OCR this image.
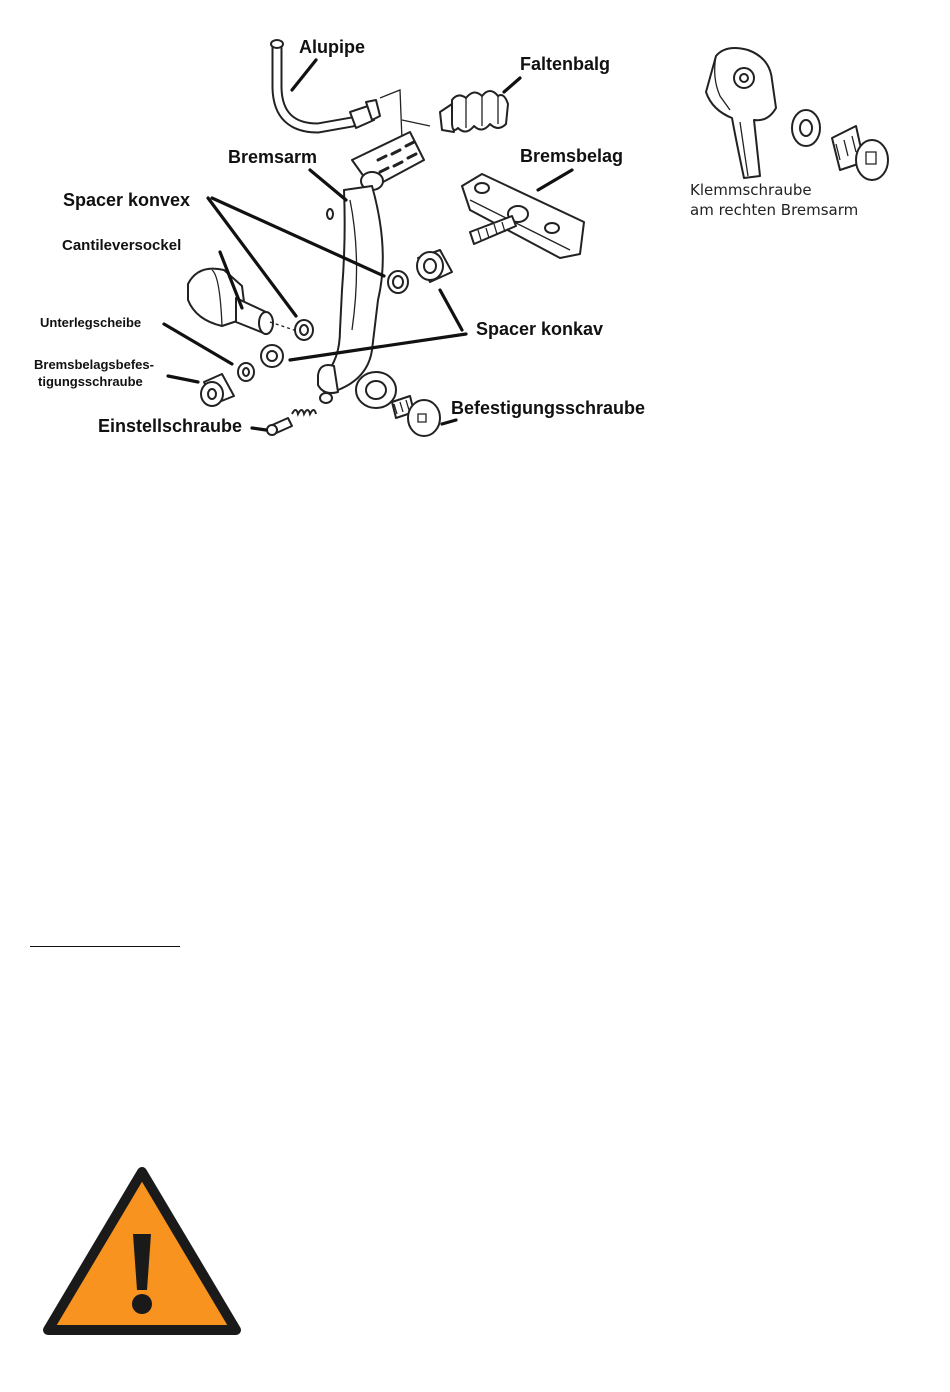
Alupipe
Faltenbalg
Bremsarm	Bremsbelag
Spacer konvex
Cantileversockel
Unterlegscheibe
Bremsbelagsbefes-
tigungsschraube
Spacer konkav
Befestigungsschraube
Einstellschraube
Klemmschraube
am rechten Bremsarm
